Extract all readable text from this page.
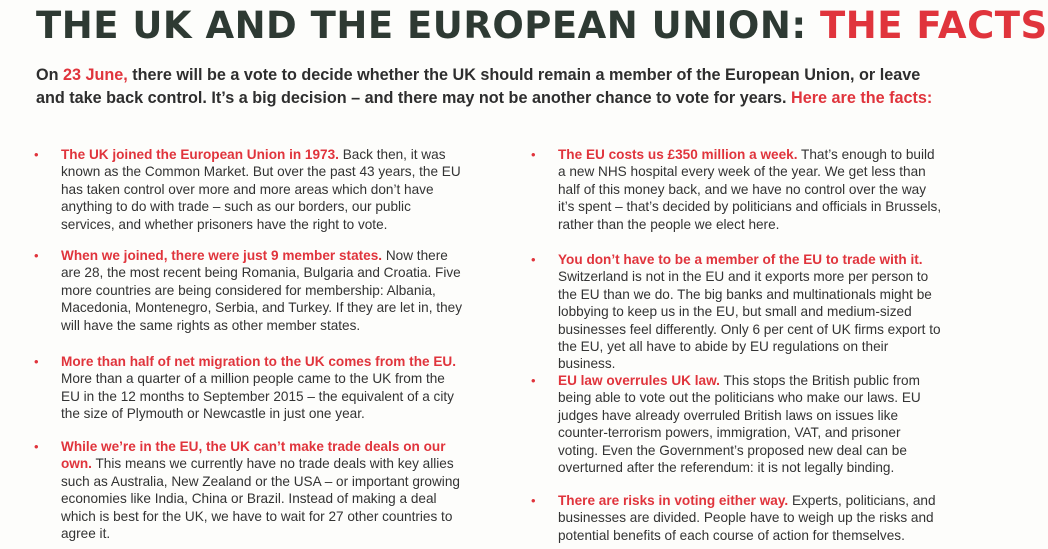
THE UK AND THE EUROPEAN UNION: THE FACTS

On 23 June, there will be a vote to decide whether the UK should remain a member of the European Union, or leave and take back control. It’s a big decision – and there may not be another chance to vote for years. Here are the facts:

• The UK joined the European Union in 1973. Back then, it was known as the Common Market. But over the past 43 years, the EU has taken control over more and more areas which don’t have anything to do with trade – such as our borders, our public services, and whether prisoners have the right to vote.
• When we joined, there were just 9 member states. Now there are 28, the most recent being Romania, Bulgaria and Croatia. Five more countries are being considered for membership: Albania, Macedonia, Montenegro, Serbia, and Turkey. If they are let in, they will have the same rights as other member states.
• More than half of net migration to the UK comes from the EU. More than a quarter of a million people came to the UK from the EU in the 12 months to September 2015 – the equivalent of a city the size of Plymouth or Newcastle in just one year.
• While we’re in the EU, the UK can’t make trade deals on our own. This means we currently have no trade deals with key allies such as Australia, New Zealand or the USA – or important growing economies like India, China or Brazil. Instead of making a deal which is best for the UK, we have to wait for 27 other countries to agree it.
• The EU costs us £350 million a week. That’s enough to build a new NHS hospital every week of the year. We get less than half of this money back, and we have no control over the way it’s spent – that’s decided by politicians and officials in Brussels, rather than the people we elect here.
• You don’t have to be a member of the EU to trade with it. Switzerland is not in the EU and it exports more per person to the EU than we do. The big banks and multinationals might be lobbying to keep us in the EU, but small and medium-sized businesses feel differently. Only 6 per cent of UK firms export to the EU, yet all have to abide by EU regulations on their business.
• EU law overrules UK law. This stops the British public from being able to vote out the politicians who make our laws. EU judges have already overruled British laws on issues like counter-terrorism powers, immigration, VAT, and prisoner voting. Even the Government’s proposed new deal can be overturned after the referendum: it is not legally binding.
• There are risks in voting either way. Experts, politicians, and businesses are divided. People have to weigh up the risks and potential benefits of each course of action for themselves.
